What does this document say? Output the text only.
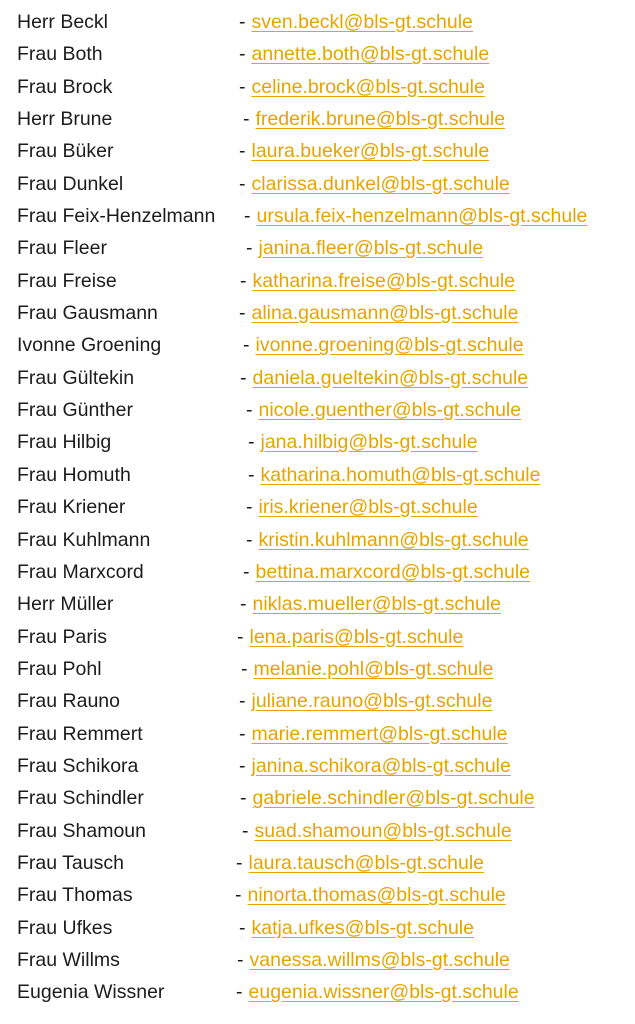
Herr Beckl	- sven.beckl@bls-gt.schule
Frau Both	- annette.both@bls-gt.schule
Frau Brock	- celine.brock@bls-gt.schule
Herr Brune	- frederik.brune@bls-gt.schule
Frau Büker	- laura.bueker@bls-gt.schule
Frau Dunkel	- clarissa.dunkel@bls-gt.schule
Frau Feix-Henzelmann - ursula.feix-henzelmann@bls-gt.schule
Frau Fleer	- janina.fleer@bls-gt.schule
Frau Freise	- katharina.freise@bls-gt.schule
Frau Gausmann	- alina.gausmann@bls-gt.schule
Ivonne Groening	- ivonne.groening@bls-gt.schule
Frau Gültekin	- daniela.gueltekin@bls-gt.schule
Frau Günther	- nicole.guenther@bls-gt.schule
Frau Hilbig	- jana.hilbig@bls-gt.schule
Frau Homuth	- katharina.homuth@bls-gt.schule
Frau Kriener	- iris.kriener@bls-gt.schule
Frau Kuhlmann	- kristin.kuhlmann@bls-gt.schule
Frau Marxcord	- bettina.marxcord@bls-gt.schule
Herr Müller	- niklas.mueller@bls-gt.schule
Frau Paris	- lena.paris@bls-gt.schule
Frau Pohl	- melanie.pohl@bls-gt.schule
Frau Rauno	- juliane.rauno@bls-gt.schule
Frau Remmert	- marie.remmert@bls-gt.schule
Frau Schikora	- janina.schikora@bls-gt.schule
Frau Schindler	- gabriele.schindler@bls-gt.schule
Frau Shamoun	- suad.shamoun@bls-gt.schule
Frau Tausch	- laura.tausch@bls-gt.schule
Frau Thomas	- ninorta.thomas@bls-gt.schule
Frau Ufkes	- katja.ufkes@bls-gt.schule
Frau Willms	- vanessa.willms@bls-gt.schule
Eugenia Wissner	- eugenia.wissner@bls-gt.schule
